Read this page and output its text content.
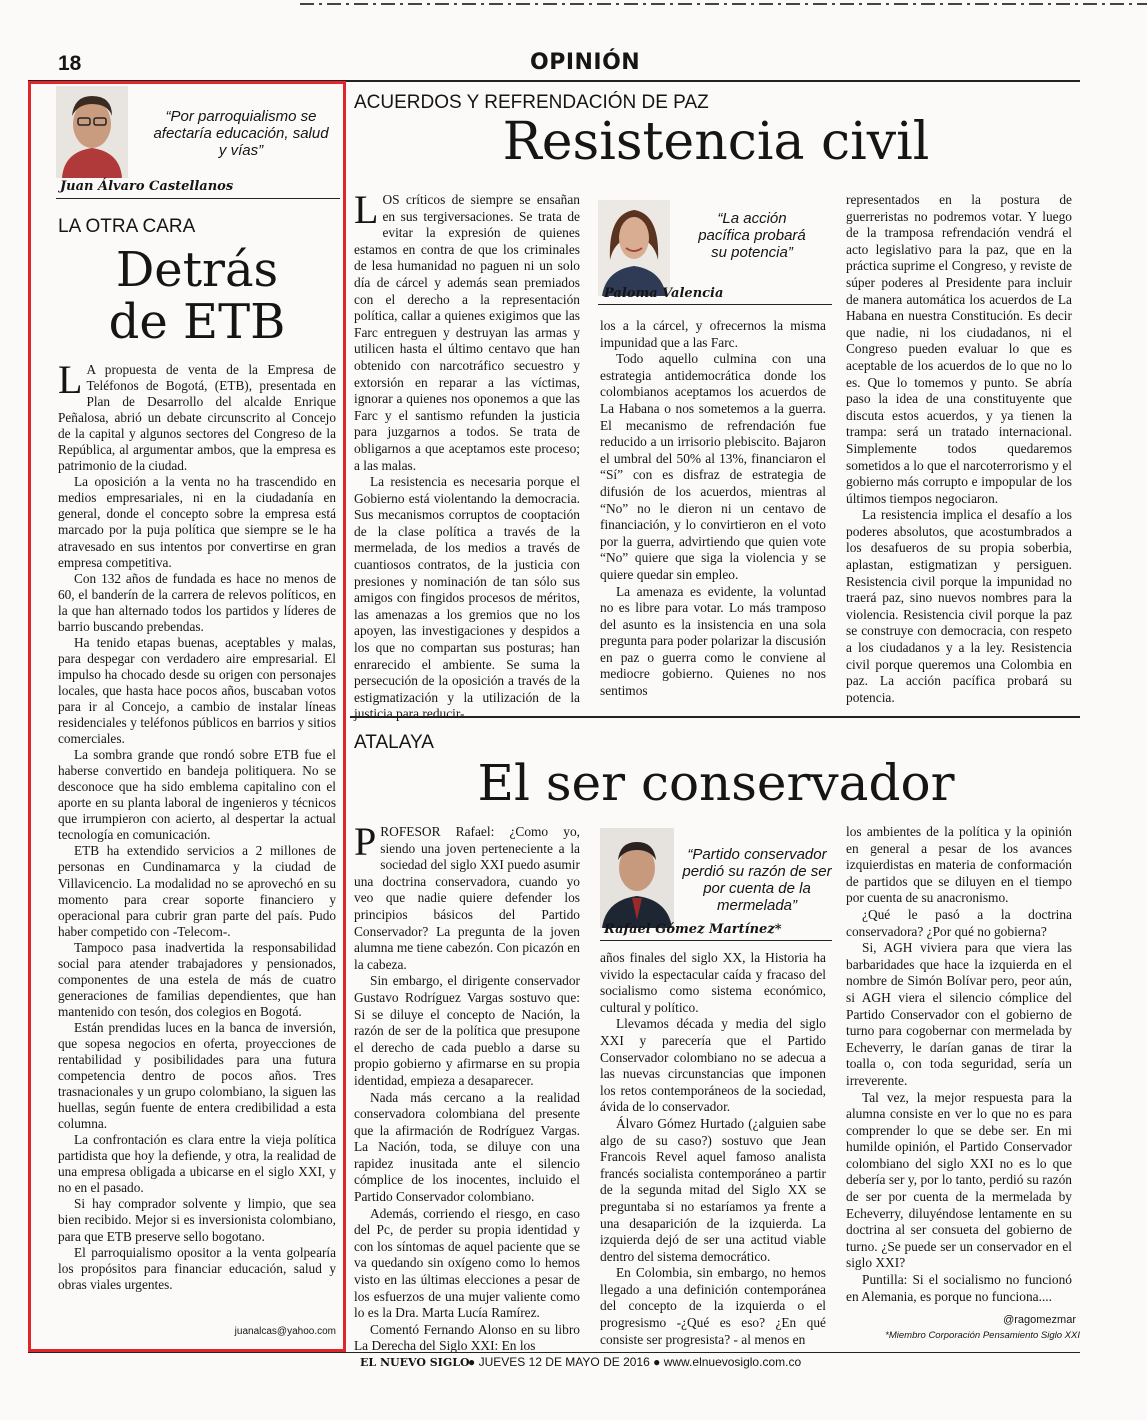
18	OPINIÓN
“Por parroquialismo se afectaría educación, salud y vías”
Juan Álvaro Castellanos
LA OTRA CARA
Detrás
de ETB

L A propuesta de venta de la Empresa de Teléfonos de Bogotá, (ETB), presentada en Plan de Desarrollo del alcalde Enrique Peñalosa, abrió un debate circunscrito al Concejo de la capital y algunos sectores del Congreso de la República, al argumentar ambos, que la empresa es patrimonio de la ciudad.

La oposición a la venta no ha trascendido en medios empresariales, ni en la ciudadanía en general, donde el concepto sobre la empresa está marcado por la puja política que siempre se le ha atravesado en sus intentos por convertirse en gran empresa competitiva.

Con 132 años de fundada es hace no menos de 60, el banderín de la carrera de relevos políticos, en la que han alternado todos los partidos y líderes de barrio buscando prebendas.

Ha tenido etapas buenas, aceptables y malas, para despegar con verdadero aire empresarial. El impulso ha chocado desde su origen con personajes locales, que hasta hace pocos años, buscaban votos para ir al Concejo, a cambio de instalar líneas residenciales y teléfonos públicos en barrios y sitios comerciales.

La sombra grande que rondó sobre ETB fue el haberse convertido en bandeja politiquera. No se desconoce que ha sido emblema capitalino con el aporte en su planta laboral de ingenieros y técnicos que irrumpieron con acierto, al despertar la actual tecnología en comunicación.

ETB ha extendido servicios a 2 millones de personas en Cundinamarca y la ciudad de Villavicencio. La modalidad no se aprovechó en su momento para crear soporte financiero y operacional para cubrir gran parte del país. Pudo haber competido con -Telecom-.

Tampoco pasa inadvertida la responsabilidad social para atender trabajadores y pensionados, componentes de una estela de más de cuatro generaciones de familias dependientes, que han mantenido con tesón, dos colegios en Bogotá.

Están prendidas luces en la banca de inversión, que sopesa negocios en oferta, proyecciones de rentabilidad y posibilidades para una futura competencia dentro de pocos años. Tres trasnacionales y un grupo colombiano, la siguen las huellas, según fuente de entera credibilidad a esta columna.

La confrontación es clara entre la vieja política partidista que hoy la defiende, y otra, la realidad de una empresa obligada a ubicarse en el siglo XXI, y no en el pasado.

Si hay comprador solvente y limpio, que sea bien recibido. Mejor si es inversionista colombiano, para que ETB preserve sello bogotano.

El parroquialismo opositor a la venta golpearía los propósitos para financiar educación, salud y obras viales urgentes.

juanalcas@yahoo.com
ACUERDOS Y REFRENDACIÓN DE PAZ
Resistencia civil

LOS críticos de siempre se ensañan en sus tergiversaciones. Se trata de evitar la expresión de quienes estamos en contra de que los criminales de lesa humanidad no paguen ni un solo día de cárcel y además sean premiados con el derecho a la representación política, callar a quienes exigimos que las Farc entreguen y destruyan las armas y utilicen hasta el último centavo que han obtenido con narcotráfico secuestro y extorsión en reparar a las víctimas, ignorar a quienes nos oponemos a que las Farc y el santismo refunden la justicia para juzgarnos a todos. Se trata de obligarnos a que aceptamos este proceso; a las malas.

La resistencia es necesaria porque el Gobierno está violentando la democracia. Sus mecanismos corruptos de cooptación de la clase política a través de la mermelada, de los medios a través de cuantiosos contratos, de la justicia con presiones y nominación de tan sólo sus amigos con fingidos procesos de méritos, las amenazas a los gremios que no los apoyen, las investigaciones y despidos a los que no compartan sus posturas; han enrarecido el ambiente. Se suma la persecución de la oposición a través de la estigmatización y la utilización de la justicia para reducir-

“La acción pacífica probará su potencia”
Paloma Valencia

los a la cárcel, y ofrecernos la misma impunidad que a las Farc.

Todo aquello culmina con una estrategia antidemocrática donde los colombianos aceptamos los acuerdos de La Habana o nos sometemos a la guerra. El mecanismo de refrendación fue reducido a un irrisorio plebiscito. Bajaron el umbral del 50% al 13%, financiaron el “Sí” con es disfraz de estrategia de difusión de los acuerdos, mientras al “No” no le dieron ni un centavo de financiación, y lo convirtieron en el voto por la guerra, advirtiendo que quien vote “No” quiere que siga la violencia y se quiere quedar sin empleo.

La amenaza es evidente, la voluntad no es libre para votar. Lo más tramposo del asunto es la insistencia en una sola pregunta para poder polarizar la discusión en paz o guerra como le conviene al mediocre gobierno. Quienes no nos sentimos

representados en la postura de guerreristas no podremos votar. Y luego de la tramposa refrendación vendrá el acto legislativo para la paz, que en la práctica suprime el Congreso, y reviste de súper poderes al Presidente para incluir de manera automática los acuerdos de La Habana en nuestra Constitución. Es decir que nadie, ni los ciudadanos, ni el Congreso pueden evaluar lo que es aceptable de los acuerdos de lo que no lo es. Que lo tomemos y punto. Se abría paso la idea de una constituyente que discuta estos acuerdos, y ya tienen la trampa: será un tratado internacional. Simplemente todos quedaremos sometidos a lo que el narcoterrorismo y el gobierno más corrupto e impopular de los últimos tiempos negociaron.

La resistencia implica el desafío a los poderes absolutos, que acostumbrados a los desafueros de su propia soberbia, aplastan, estigmatizan y persiguen. Resistencia civil porque la impunidad no traerá paz, sino nuevos nombres para la violencia. Resistencia civil porque la paz se construye con democracia, con respeto a los ciudadanos y a la ley. Resistencia civil porque queremos una Colombia en paz. La acción pacífica probará su potencia.

ATALAYA
El ser conservador

PROFESOR Rafael: ¿Como yo, siendo una joven perteneciente a la sociedad del siglo XXI puedo asumir una doctrina conservadora, cuando yo veo que nadie quiere defender los principios básicos del Partido Conservador? La pregunta de la joven alumna me tiene cabezón. Con picazón en la cabeza.

Sin embargo, el dirigente conservador Gustavo Rodríguez Vargas sostuvo que: Si se diluye el concepto de Nación, la razón de ser de la política que presupone el derecho de cada pueblo a darse su propio gobierno y afirmarse en su propia identidad, empieza a desaparecer.

Nada más cercano a la realidad conservadora colombiana del presente que la afirmación de Rodríguez Vargas. La Nación, toda, se diluye con una rapidez inusitada ante el silencio cómplice de los inocentes, incluido el Partido Conservador colombiano.

Además, corriendo el riesgo, en caso del Pc, de perder su propia identidad y con los síntomas de aquel paciente que se va quedando sin oxígeno como lo hemos visto en las últimas elecciones a pesar de los esfuerzos de una mujer valiente como lo es la Dra. Marta Lucía Ramírez.

Comentó Fernando Alonso en su libro La Derecha del Siglo XXI: En los

“Partido conservador perdió su razón de ser por cuenta de la mermelada”
Rafael Gómez Martínez*

años finales del siglo XX, la Historia ha vivido la espectacular caída y fracaso del socialismo como sistema económico, cultural y político.

Llevamos década y media del siglo XXI y parecería que el Partido Conservador colombiano no se adecua a las nuevas circunstancias que imponen los retos contemporáneos de la sociedad, ávida de lo conservador.

Álvaro Gómez Hurtado (¿alguien sabe algo de su caso?) sostuvo que Jean Francois Revel aquel famoso analista francés socialista contemporáneo a partir de la segunda mitad del Siglo XX se preguntaba si no estaríamos ya frente a una desaparición de la izquierda. La izquierda dejó de ser una actitud viable dentro del sistema democrático.

En Colombia, sin embargo, no hemos llegado a una definición contemporánea del concepto de la izquierda o el progresismo -¿Qué es eso? ¿En qué consiste ser progresista? - al menos en

los ambientes de la política y la opinión en general a pesar de los avances izquierdistas en materia de conformación de partidos que se diluyen en el tiempo por cuenta de su anacronismo.

¿Qué le pasó a la doctrina conservadora? ¿Por qué no gobierna?

Si, AGH viviera para que viera las barbaridades que hace la izquierda en el nombre de Simón Bolívar pero, peor aún, si AGH viera el silencio cómplice del Partido Conservador con el gobierno de turno para cogobernar con mermelada by Echeverry, le darían ganas de tirar la toalla o, con toda seguridad, sería un irreverente.

Tal vez, la mejor respuesta para la alumna consiste en ver lo que no es para comprender lo que se debe ser. En mi humilde opinión, el Partido Conservador colombiano del siglo XXI no es lo que debería ser y, por lo tanto, perdió su razón de ser por cuenta de la mermelada by Echeverry, diluyéndose lentamente en su doctrina al ser consueta del gobierno de turno. ¿Se puede ser un conservador en el siglo XXI?

Puntilla: Si el socialismo no funcionó en Alemania, es porque no funciona....

@ragomezmar
*Miembro Corporación Pensamiento Siglo XXI
EL NUEVO SIGLO
● JUEVES 12 DE MAYO DE 2016 ● www.elnuevosiglo.com.co
